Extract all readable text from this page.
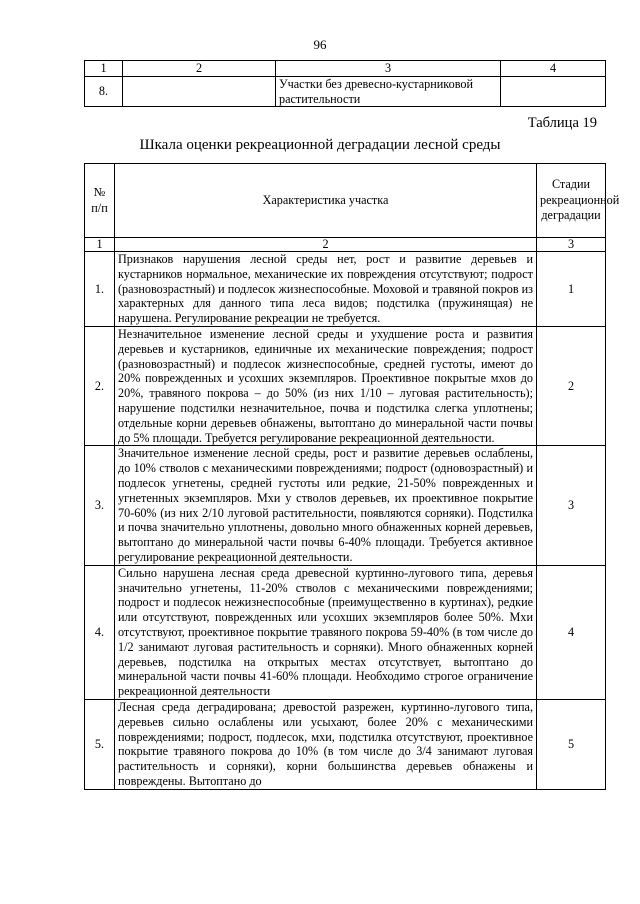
96
1	2	3	4
8.		Участки без древесно-кустарниковой растительности	
Таблица 19
Шкала оценки рекреационной деградации лесной среды
№ п/п	Характеристика участка	Стадии рекреационной деградации
1	2	3
1.	Признаков нарушения лесной среды нет, рост и развитие деревьев и кустарников нормальное, механические их повреждения отсутствуют; подрост (разновозрастный) и подлесок жизнеспособные. Моховой и травяной покров из характерных для данного типа леса видов; подстилка (пружинящая) не нарушена. Регулирование рекреации не требуется.	1
2.	Незначительное изменение лесной среды и ухудшение роста и развития деревьев и кустарников, единичные их механические повреждения; подрост (разновозрастный) и подлесок жизнеспособные, средней густоты, имеют до 20% поврежденных и усохших экземпляров. Проективное покрытые мхов до 20%, травяного покрова – до 50% (из них 1/10 – луговая растительность); нарушение подстилки незначительное, почва и подстилка слегка уплотнены; отдельные корни деревьев обнажены, вытоптано до минеральной части почвы до 5% площади. Требуется регулирование рекреационной деятельности.	2
3.	Значительное изменение лесной среды, рост и развитие деревьев ослаблены, до 10% стволов с механическими повреждениями; подрост (одновозрастный) и подлесок угнетены, средней густоты или редкие, 21-50% поврежденных и угнетенных экземпляров. Мхи у стволов деревьев, их проективное покрытие 70-60% (из них 2/10 луговой растительности, появляются сорняки). Подстилка и почва значительно уплотнены, довольно много обнаженных корней деревьев, вытоптано до минеральной части почвы 6-40% площади. Требуется активное регулирование рекреационной деятельности.	3
4.	Сильно нарушена лесная среда древесной куртинно-лугового типа, деревья значительно угнетены, 11-20% стволов с механическими повреждениями; подрост и подлесок нежизнеспособные (преимущественно в куртинах), редкие или отсутствуют, поврежденных или усохших экземпляров более 50%. Мхи отсутствуют, проективное покрытие травяного покрова 59-40% (в том числе до 1/2 занимают луговая растительность и сорняки). Много обнаженных корней деревьев, подстилка на открытых местах отсутствует, вытоптано до минеральной части почвы 41-60% площади. Необходимо строгое ограничение рекреационной деятельности	4
5.	Лесная среда деградирована; древостой разрежен, куртинно-лугового типа, деревьев сильно ослаблены или усыхают, более 20% с механическими повреждениями; подрост, подлесок, мхи, подстилка отсутствуют, проективное покрытие травяного покрова до 10% (в том числе до 3/4 занимают луговая растительность и сорняки), корни большинства деревьев обнажены и повреждены. Вытоптано до	5
